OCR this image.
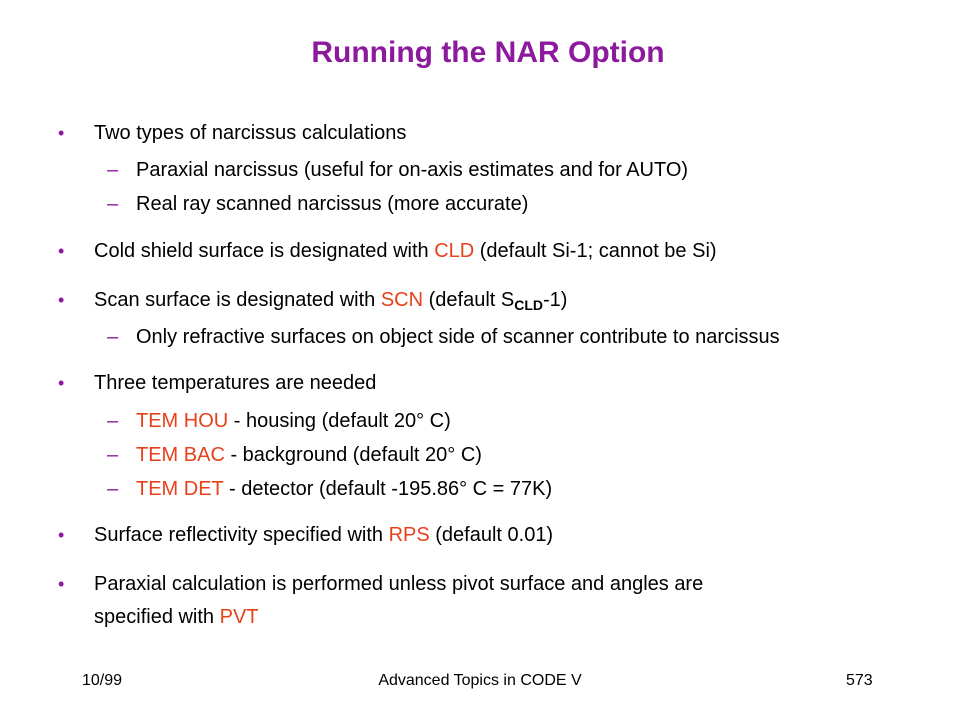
Running the NAR Option
• Two types of narcissus calculations
– Paraxial narcissus (useful for on-axis estimates and for AUTO)
– Real ray scanned narcissus (more accurate)
• Cold shield surface is designated with CLD (default Si-1; cannot be Si)
• Scan surface is designated with SCN (default $S_{CLD}-1$)
– Only refractive surfaces on object side of scanner contribute to narcissus
• Three temperatures are needed
– TEM HOU - housing (default 20° C)
– TEM BAC - background (default 20° C)
– TEM DET - detector (default -195.86° C = 77K)
• Surface reflectivity specified with RPS (default 0.01)
• Paraxial calculation is performed unless pivot surface and angles are
specified with PVT
10/99	Advanced Topics in CODE V	573
